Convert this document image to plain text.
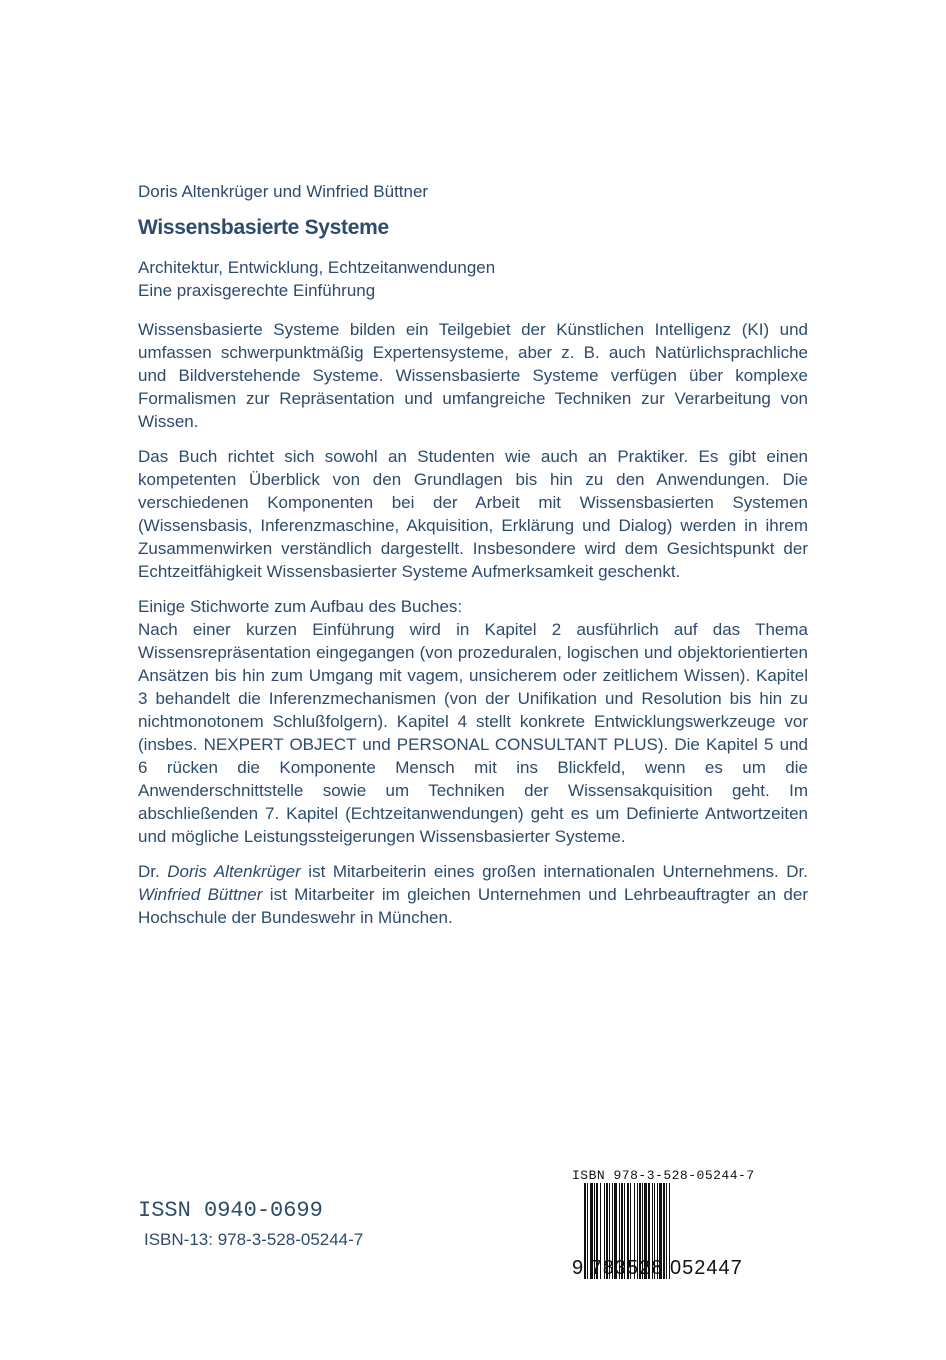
Doris Altenkrüger und Winfried Büttner

Wissensbasierte Systeme

Architektur, Entwicklung, Echtzeitanwendungen
Eine praxisgerechte Einführung

Wissensbasierte Systeme bilden ein Teilgebiet der Künstlichen Intelligenz (KI) und umfassen schwerpunktmäßig Expertensysteme, aber z. B. auch Natürlichsprachliche und Bildverstehende Systeme. Wissensbasierte Systeme verfügen über komplexe Formalismen zur Repräsentation und umfangreiche Techniken zur Verarbeitung von Wissen.

Das Buch richtet sich sowohl an Studenten wie auch an Praktiker. Es gibt einen kompetenten Überblick von den Grundlagen bis hin zu den Anwendungen. Die verschiedenen Komponenten bei der Arbeit mit Wissensbasierten Systemen (Wissensbasis, Inferenzmaschine, Akquisition, Erklärung und Dialog) werden in ihrem Zusammenwirken verständlich dargestellt. Insbesondere wird dem Gesichtspunkt der Echtzeitfähigkeit Wissensbasierter Systeme Aufmerksamkeit geschenkt.

Einige Stichworte zum Aufbau des Buches:
Nach einer kurzen Einführung wird in Kapitel 2 ausführlich auf das Thema Wissensrepräsentation eingegangen (von prozeduralen, logischen und objektorientierten Ansätzen bis hin zum Umgang mit vagem, unsicherem oder zeitlichem Wissen). Kapitel 3 behandelt die Inferenzmechanismen (von der Unifikation und Resolution bis hin zu nichtmonotonem Schlußfolgern). Kapitel 4 stellt konkrete Entwicklungswerkzeuge vor (insbes. NEXPERT OBJECT und PERSONAL CONSULTANT PLUS). Die Kapitel 5 und 6 rücken die Komponente Mensch mit ins Blickfeld, wenn es um die Anwenderschnittstelle sowie um Techniken der Wissensakquisition geht. Im abschließenden 7. Kapitel (Echtzeitanwendungen) geht es um Definierte Antwortzeiten und mögliche Leistungssteigerungen Wissensbasierter Systeme.

Dr. Doris Altenkrüger ist Mitarbeiterin eines großen internationalen Unternehmens. Dr. Winfried Büttner ist Mitarbeiter im gleichen Unternehmen und Lehrbeauftragter an der Hochschule der Bundeswehr in München.

ISSN 0940-0699
ISBN-13: 978-3-528-05244-7
ISBN 978-3-528-05244-7
9 783528 052447
